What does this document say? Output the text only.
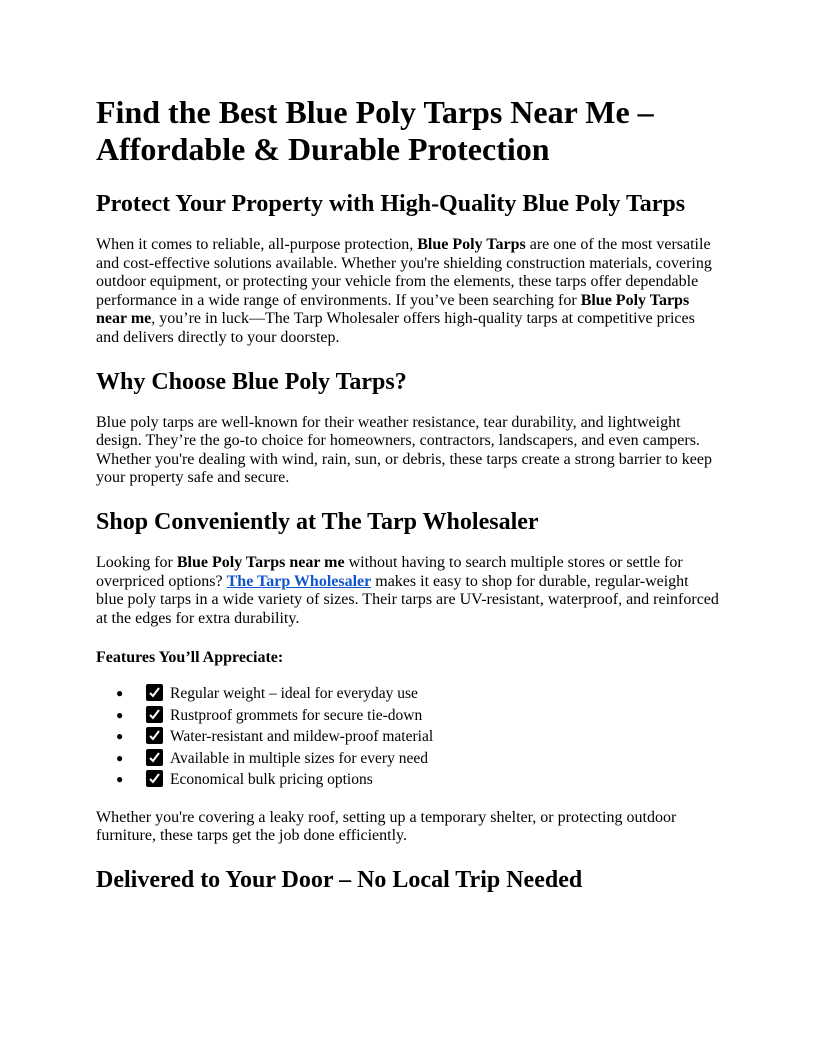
Find the Best Blue Poly Tarps Near Me – Affordable & Durable Protection
Protect Your Property with High-Quality Blue Poly Tarps

When it comes to reliable, all-purpose protection, Blue Poly Tarps are one of the most versatile and cost-effective solutions available. Whether you're shielding construction materials, covering outdoor equipment, or protecting your vehicle from the elements, these tarps offer dependable performance in a wide range of environments. If you’ve been searching for Blue Poly Tarps near me, you’re in luck—The Tarp Wholesaler offers high-quality tarps at competitive prices and delivers directly to your doorstep.

Why Choose Blue Poly Tarps?

Blue poly tarps are well-known for their weather resistance, tear durability, and lightweight design. They’re the go-to choice for homeowners, contractors, landscapers, and even campers. Whether you're dealing with wind, rain, sun, or debris, these tarps create a strong barrier to keep your property safe and secure.

Shop Conveniently at The Tarp Wholesaler

Looking for Blue Poly Tarps near me without having to search multiple stores or settle for overpriced options? The Tarp Wholesaler makes it easy to shop for durable, regular-weight blue poly tarps in a wide variety of sizes. Their tarps are UV-resistant, waterproof, and reinforced at the edges for extra durability.

Features You’ll Appreciate:
●	Regular weight – ideal for everyday use
●	Rustproof grommets for secure tie-down
●	Water-resistant and mildew-proof material
●	Available in multiple sizes for every need
●	Economical bulk pricing options

Whether you're covering a leaky roof, setting up a temporary shelter, or protecting outdoor furniture, these tarps get the job done efficiently.

Delivered to Your Door – No Local Trip Needed
